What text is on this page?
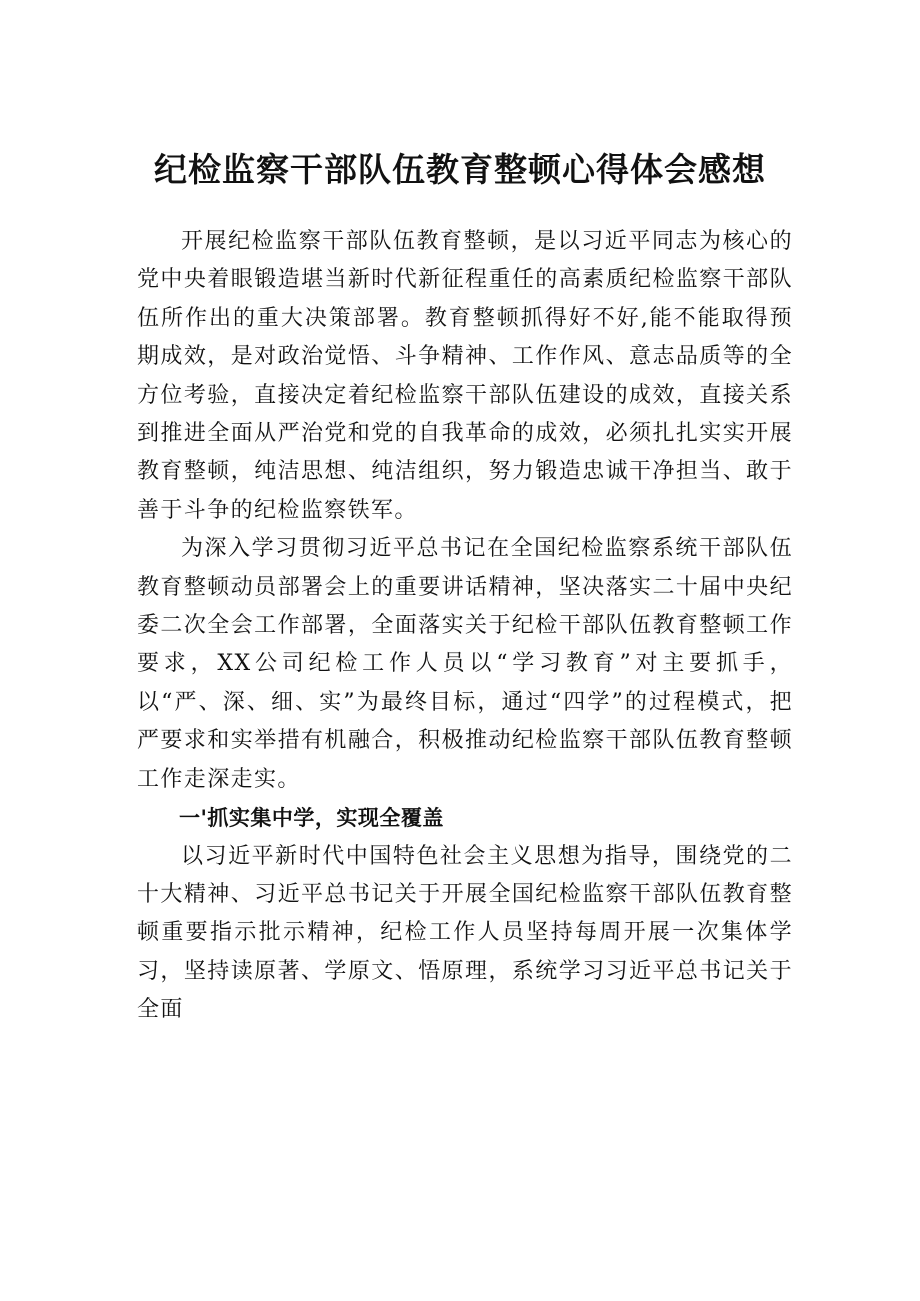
纪检监察干部队伍教育整顿心得体会感想

开展纪检监察干部队伍教育整顿，是以习近平同志为核心的党中央着眼锻造堪当新时代新征程重任的高素质纪检监察干部队伍所作出的重大决策部署。教育整顿抓得好不好,能不能取得预期成效，是对政治觉悟、斗争精神、工作作风、意志品质等的全方位考验，直接决定着纪检监察干部队伍建设的成效，直接关系到推进全面从严治党和党的自我革命的成效，必须扎扎实实开展教育整顿，纯洁思想、纯洁组织，努力锻造忠诚干净担当、敢于善于斗争的纪检监察铁军。

为深入学习贯彻习近平总书记在全国纪检监察系统干部队伍教育整顿动员部署会上的重要讲话精神，坚决落实二十届中央纪委二次全会工作部署，全面落实关于纪检干部队伍教育整顿工作要求，XX公司纪检工作人员以“学习教育”对主要抓手，以“严、深、细、实”为最终目标，通过“四学”的过程模式，把严要求和实举措有机融合，积极推动纪检监察干部队伍教育整顿工作走深走实。

一'抓实集中学，实现全覆盖

以习近平新时代中国特色社会主义思想为指导，围绕党的二十大精神、习近平总书记关于开展全国纪检监察干部队伍教育整顿重要指示批示精神，纪检工作人员坚持每周开展一次集体学习，坚持读原著、学原文、悟原理，系统学习习近平总书记关于全面
